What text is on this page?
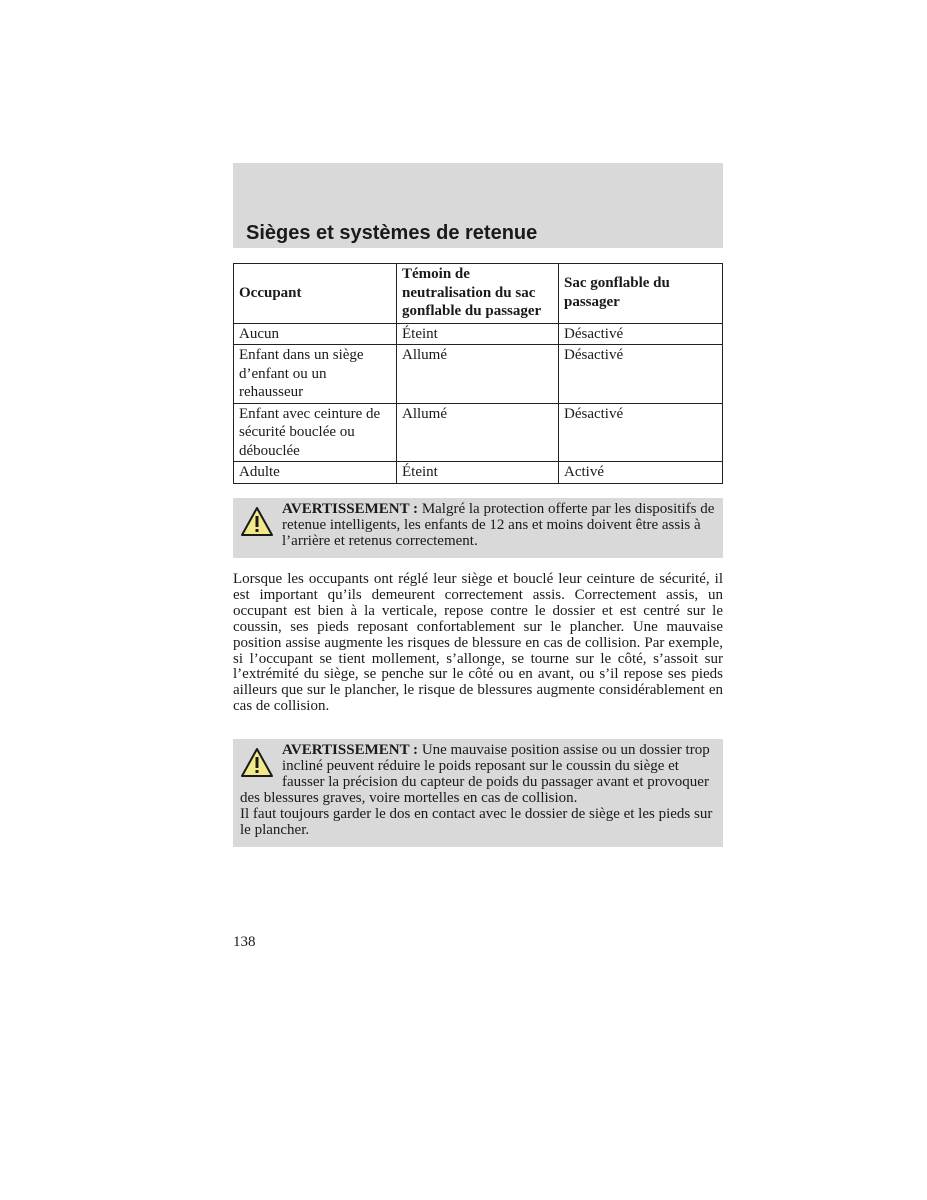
Sièges et systèmes de retenue
Occupant	Témoin de neutralisation du sac gonflable du passager	Sac gonflable du passager
Aucun	Éteint	Désactivé
Enfant dans un siège d’enfant ou un rehausseur	Allumé	Désactivé
Enfant avec ceinture de sécurité bouclée ou débouclée	Allumé	Désactivé
Adulte	Éteint	Activé
AVERTISSEMENT : Malgré la protection offerte par les dispositifs de retenue intelligents, les enfants de 12 ans et moins doivent être assis à l’arrière et retenus correctement.

Lorsque les occupants ont réglé leur siège et bouclé leur ceinture de sécurité, il est important qu’ils demeurent correctement assis. Correctement assis, un occupant est bien à la verticale, repose contre le dossier et est centré sur le coussin, ses pieds reposant confortablement sur le plancher. Une mauvaise position assise augmente les risques de blessure en cas de collision. Par exemple, si l’occupant se tient mollement, s’allonge, se tourne sur le côté, s’assoit sur l’extrémité du siège, se penche sur le côté ou en avant, ou s’il repose ses pieds ailleurs que sur le plancher, le risque de blessures augmente considérablement en cas de collision.

AVERTISSEMENT : Une mauvaise position assise ou un dossier trop incliné peuvent réduire le poids reposant sur le coussin du siège et fausser la précision du capteur de poids du passager avant et provoquer des blessures graves, voire mortelles en cas de collision.
Il faut toujours garder le dos en contact avec le dossier de siège et les pieds sur le plancher.
138
